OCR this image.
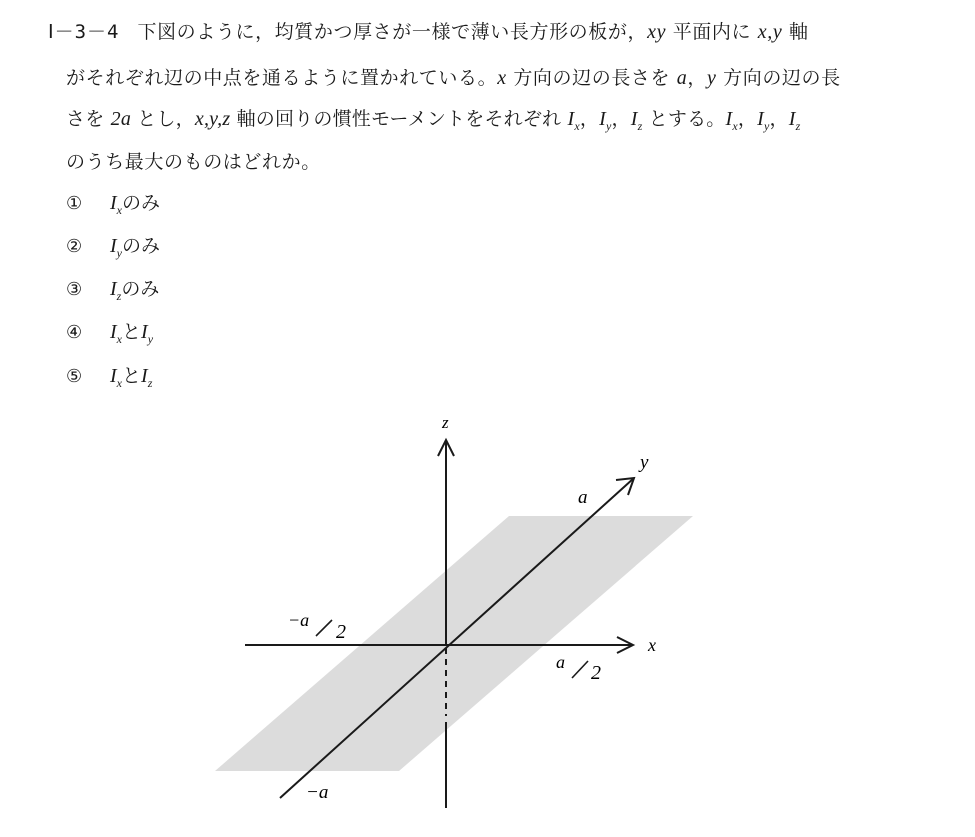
Ⅰ－3－4 下図のように，均質かつ厚さが一様で薄い長方形の板が，xy 平面内に x,y 軸
がそれぞれ辺の中点を通るように置かれている。x 方向の辺の長さを a，y 方向の辺の長
さを 2a とし，x,y,z 軸の回りの慣性モーメントをそれぞれ $I_x$，$I_y$，$I_z$ とする。$I_x$，$I_y$，$I_z$
のうち最大のものはどれか。
① $I_x$のみ
② $I_y$のみ
③ $I_z$のみ
④ $I_x$と$I_y$
⑤ $I_x$と$I_z$
z
y
x
a
−a
−a
2
a 2
